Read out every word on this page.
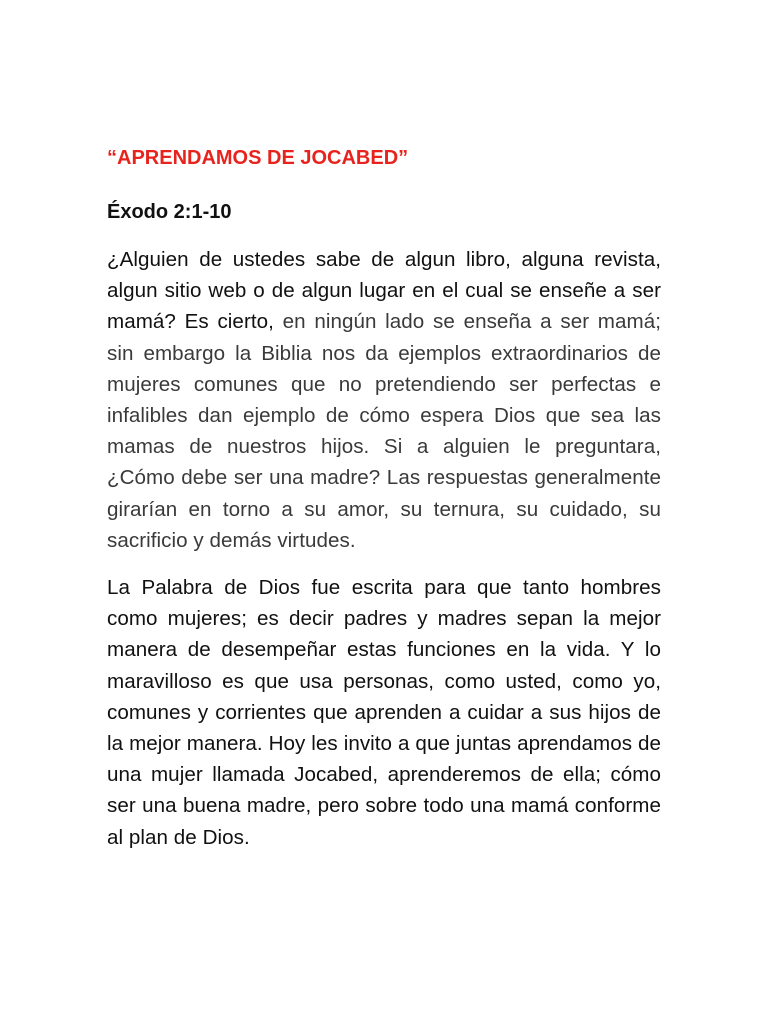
“APRENDAMOS DE JOCABED”

Éxodo 2:1-10

¿Alguien de ustedes sabe de algun libro, alguna revista, algun sitio web o de algun lugar en el cual se enseñe a ser mamá? Es cierto, en ningún lado se enseña a ser mamá; sin embargo la Biblia nos da ejemplos extraordinarios de mujeres comunes que no pretendiendo ser perfectas e infalibles dan ejemplo de cómo espera Dios que sea las mamas de nuestros hijos. Si a alguien le preguntara, ¿Cómo debe ser una madre? Las respuestas generalmente girarían en torno a su amor, su ternura, su cuidado, su sacrificio y demás virtudes.

La Palabra de Dios fue escrita para que tanto hombres como mujeres; es decir padres y madres sepan la mejor manera de desempeñar estas funciones en la vida. Y lo maravilloso es que usa personas, como usted, como yo, comunes y corrientes que aprenden a cuidar a sus hijos de la mejor manera. Hoy les invito a que juntas aprendamos de una mujer llamada Jocabed, aprenderemos de ella; cómo ser una buena madre, pero sobre todo una mamá conforme al plan de Dios.
